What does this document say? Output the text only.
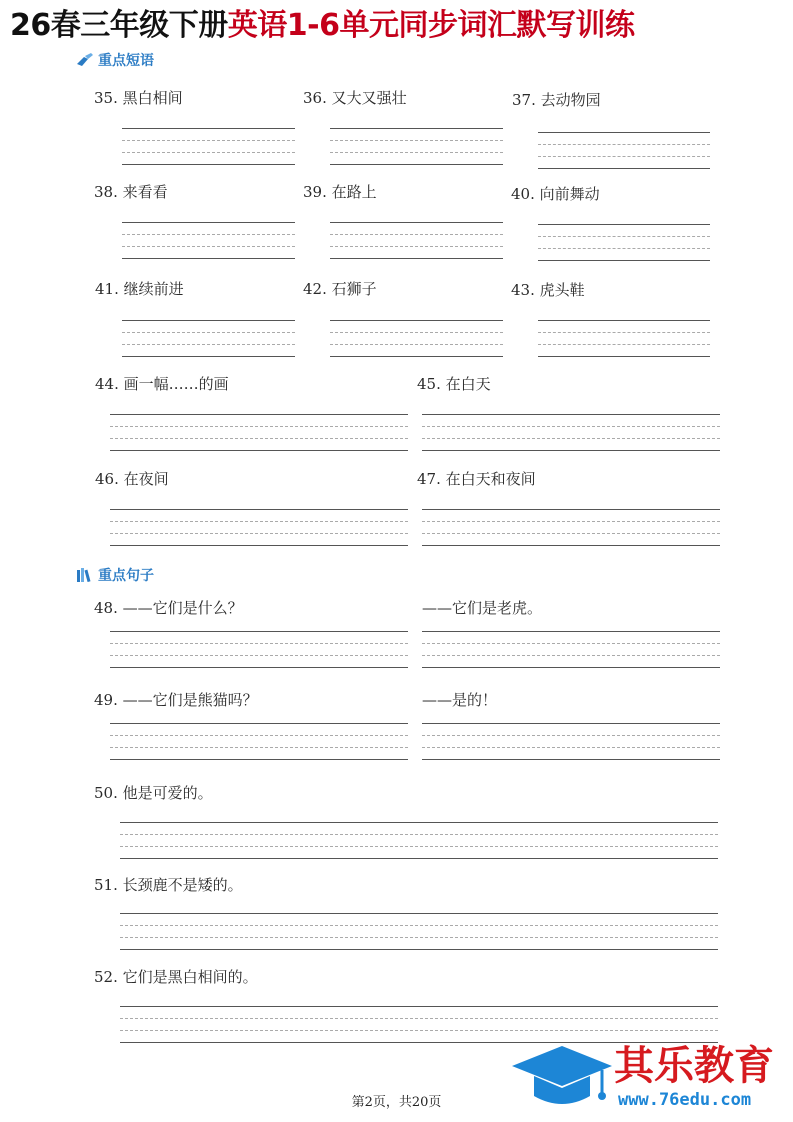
26春三年级下册英语1-6单元同步词汇默写训练
重点短语
35. 黑白相间	36. 又大又强壮	37. 去动物园
38. 来看看	39. 在路上	40. 向前舞动
41. 继续前进	42. 石狮子	43. 虎头鞋
44. 画一幅……的画	45. 在白天
46. 在夜间	47. 在白天和夜间
重点句子
48. ——它们是什么？	——它们是老虎。
49. ——它们是熊猫吗？	——是的！
50. 他是可爱的。
51. 长颈鹿不是矮的。
52. 它们是黑白相间的。
第2页，共20页
其乐教育
www.76edu.com
